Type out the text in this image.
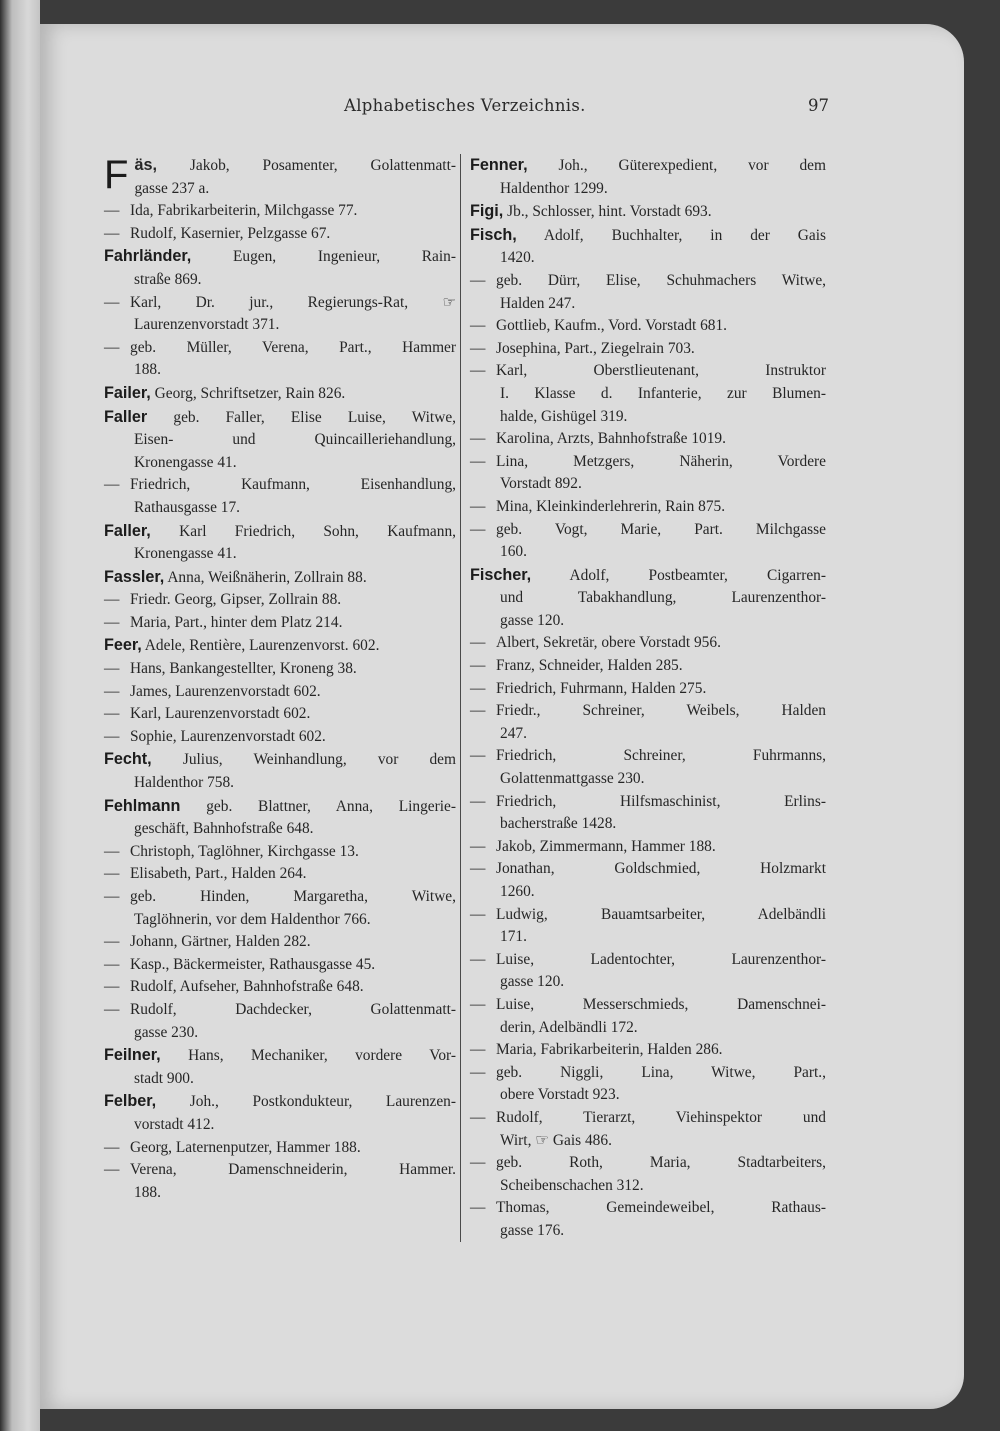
Alphabetisches Verzeichnis.	97
Fäs, Jakob, Posamenter, Golattenmatt-
gasse 237 a.
—Ida, Fabrikarbeiterin, Milchgasse 77.
—Rudolf, Kasernier, Pelzgasse 67.
Fahrländer,	Eugen, Ingenieur, Rain-
straße 869.
—Karl, Dr. jur., Regierungs-Rat, ☞
Laurenzenvorstadt 371.
—geb. Müller, Verena, Part., Hammer
188.
Failer, Georg, Schriftsetzer, Rain 826.
Faller geb. Faller, Elise Luise, Witwe,
Eisen- und Quincailleriehandlung,
Kronengasse 41.
—Friedrich, Kaufmann, Eisenhandlung,
Rathausgasse 17.
Faller, Karl Friedrich, Sohn, Kaufmann,
Kronengasse 41.
Fassler, Anna, Weißnäherin, Zollrain 88.
—Friedr. Georg, Gipser, Zollrain 88.
—Maria, Part., hinter dem Platz 214.
Feer, Adele, Rentière, Laurenzenvorst. 602.
—Hans, Bankangestellter, Kroneng 38.
—James, Laurenzenvorstadt 602.
—Karl, Laurenzenvorstadt 602.
—Sophie, Laurenzenvorstadt 602.
Fecht, Julius, Weinhandlung, vor dem
Haldenthor 758.
Fehlmann geb. Blattner, Anna, Lingerie-
geschäft, Bahnhofstraße 648.
—Christoph, Taglöhner, Kirchgasse 13.
—Elisabeth, Part., Halden 264.
—geb. Hinden, Margaretha, Witwe,
Taglöhnerin, vor dem Haldenthor 766.
—Johann, Gärtner, Halden 282.
—Kasp., Bäckermeister, Rathausgasse 45.
—Rudolf, Aufseher, Bahnhofstraße 648.
—Rudolf, Dachdecker, Golattenmatt-
gasse 230.
Feilner, Hans, Mechaniker, vordere Vor-
stadt 900.
Felber, Joh., Postkondukteur, Laurenzen-
vorstadt 412.
—Georg, Laternenputzer, Hammer 188.
—Verena, Damenschneiderin, Hammer.
188.
Fenner, Joh., Güterexpedient, vor dem
Haldenthor 1299.
Figi, Jb., Schlosser, hint. Vorstadt 693.
Fisch, Adolf, Buchhalter, in der Gais
1420.
—geb. Dürr, Elise, Schuhmachers Witwe,
Halden 247.
—Gottlieb, Kaufm., Vord. Vorstadt 681.
—Josephina, Part., Ziegelrain 703.
—Karl, Oberstlieutenant, Instruktor
I. Klasse d. Infanterie, zur Blumen-
halde, Gishügel 319.
—Karolina, Arzts, Bahnhofstraße 1019.
—Lina, Metzgers, Näherin, Vordere
Vorstadt 892.
—Mina, Kleinkinderlehrerin, Rain 875.
—geb. Vogt, Marie, Part. Milchgasse
160.
Fischer, Adolf, Postbeamter, Cigarren-
und Tabakhandlung, Laurenzenthor-
gasse 120.
—Albert, Sekretär, obere Vorstadt 956.
—Franz, Schneider, Halden 285.
—Friedrich, Fuhrmann, Halden 275.
—Friedr., Schreiner, Weibels, Halden
247.
—Friedrich, Schreiner, Fuhrmanns,
Golattenmattgasse 230.
—Friedrich, Hilfsmaschinist, Erlins-
bacherstraße 1428.
—Jakob, Zimmermann, Hammer 188.
—Jonathan, Goldschmied, Holzmarkt
1260.
—Ludwig, Bauamtsarbeiter, Adelbändli
171.
—Luise, Ladentochter, Laurenzenthor-
gasse 120.
—Luise, Messerschmieds, Damenschnei-
derin, Adelbändli 172.
—Maria, Fabrikarbeiterin, Halden 286.
—geb. Niggli, Lina, Witwe, Part.,
obere Vorstadt 923.
—Rudolf, Tierarzt, Viehinspektor und
Wirt, ☞ Gais 486.
—geb. Roth, Maria, Stadtarbeiters,
Scheibenschachen 312.
—Thomas, Gemeindeweibel, Rathaus-
gasse 176.
